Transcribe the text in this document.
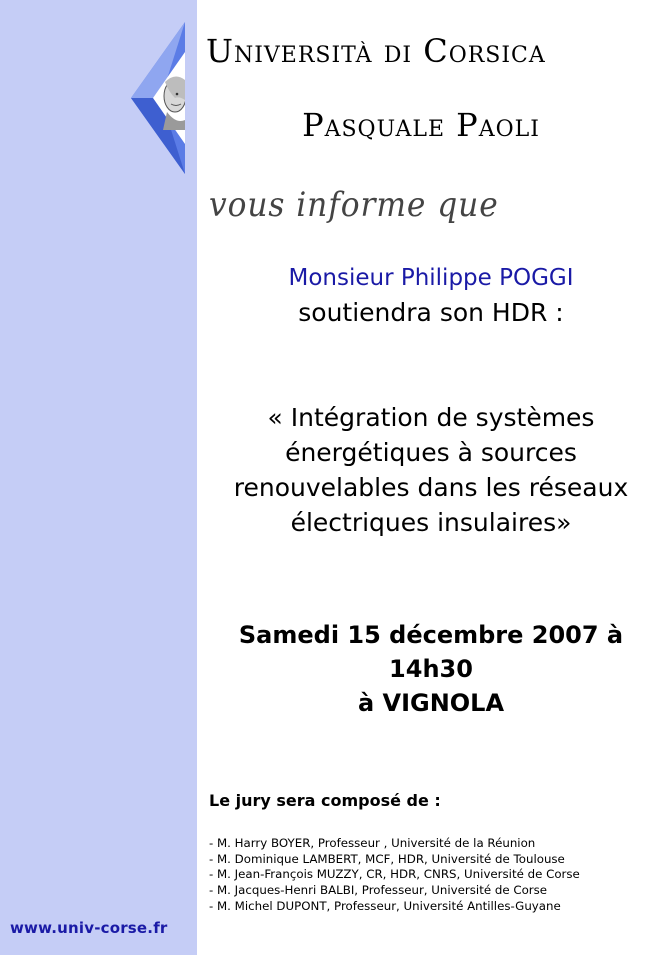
Università di Corsica
Pasquale Paoli
vous informe que
Monsieur Philippe POGGI
soutiendra son HDR :
« Intégration de systèmes
énergétiques à sources
renouvelables dans les réseaux
électriques insulaires»
Samedi 15 décembre 2007 à
14h30
à VIGNOLA
Le jury sera composé de :
- M. Harry BOYER, Professeur , Université de la Réunion
- M. Dominique LAMBERT, MCF, HDR, Université de Toulouse
- M. Jean-François MUZZY, CR, HDR, CNRS, Université de Corse
- M. Jacques-Henri BALBI, Professeur, Université de Corse
- M. Michel DUPONT, Professeur, Université Antilles-Guyane
www.univ-corse.fr
